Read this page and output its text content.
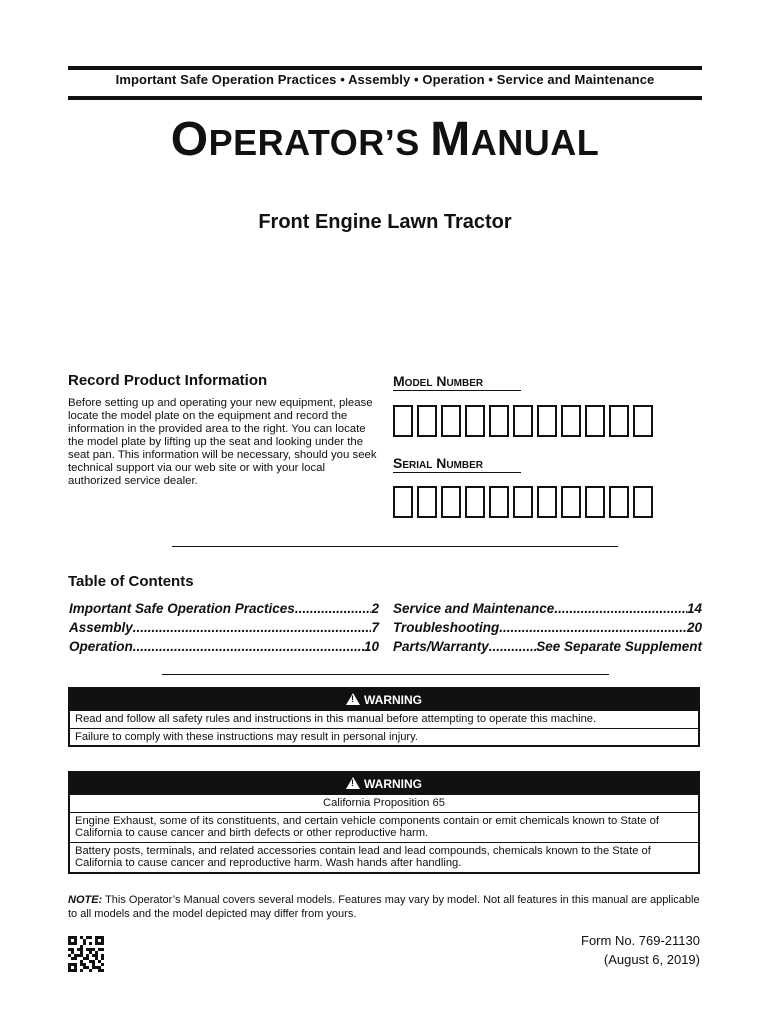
Important Safe Operation Practices • Assembly • Operation • Service and Maintenance
OPERATOR’S MANUAL
Front Engine Lawn Tractor
Record Product Information
Before setting up and operating your new equipment, please locate the model plate on the equipment and record the information in the provided area to the right. You can locate the model plate by lifting up the seat and looking under the seat pan. This information will be necessary, should you seek technical support via our web site or with your local authorized service dealer.
Model Number
Serial Number
Table of Contents
Important Safe Operation Practices .....	2
Assembly .....	7
Operation .....	10
Service and Maintenance .....	14
Troubleshooting .....	20
Parts/Warranty .....	See Separate Supplement
!WARNING
Read and follow all safety rules and instructions in this manual before attempting to operate this machine.
Failure to comply with these instructions may result in personal injury.
!WARNING
California Proposition 65
Engine Exhaust, some of its constituents, and certain vehicle components contain or emit chemicals known to State of California to cause cancer and birth defects or other reproductive harm.
Battery posts, terminals, and related accessories contain lead and lead compounds, chemicals known to the State of California to cause cancer and reproductive harm. Wash hands after handling.
NOTE: This Operator’s Manual covers several models. Features may vary by model. Not all features in this manual are applicable to all models and the model depicted may differ from yours.
Form No. 769-21130
(August 6, 2019)
